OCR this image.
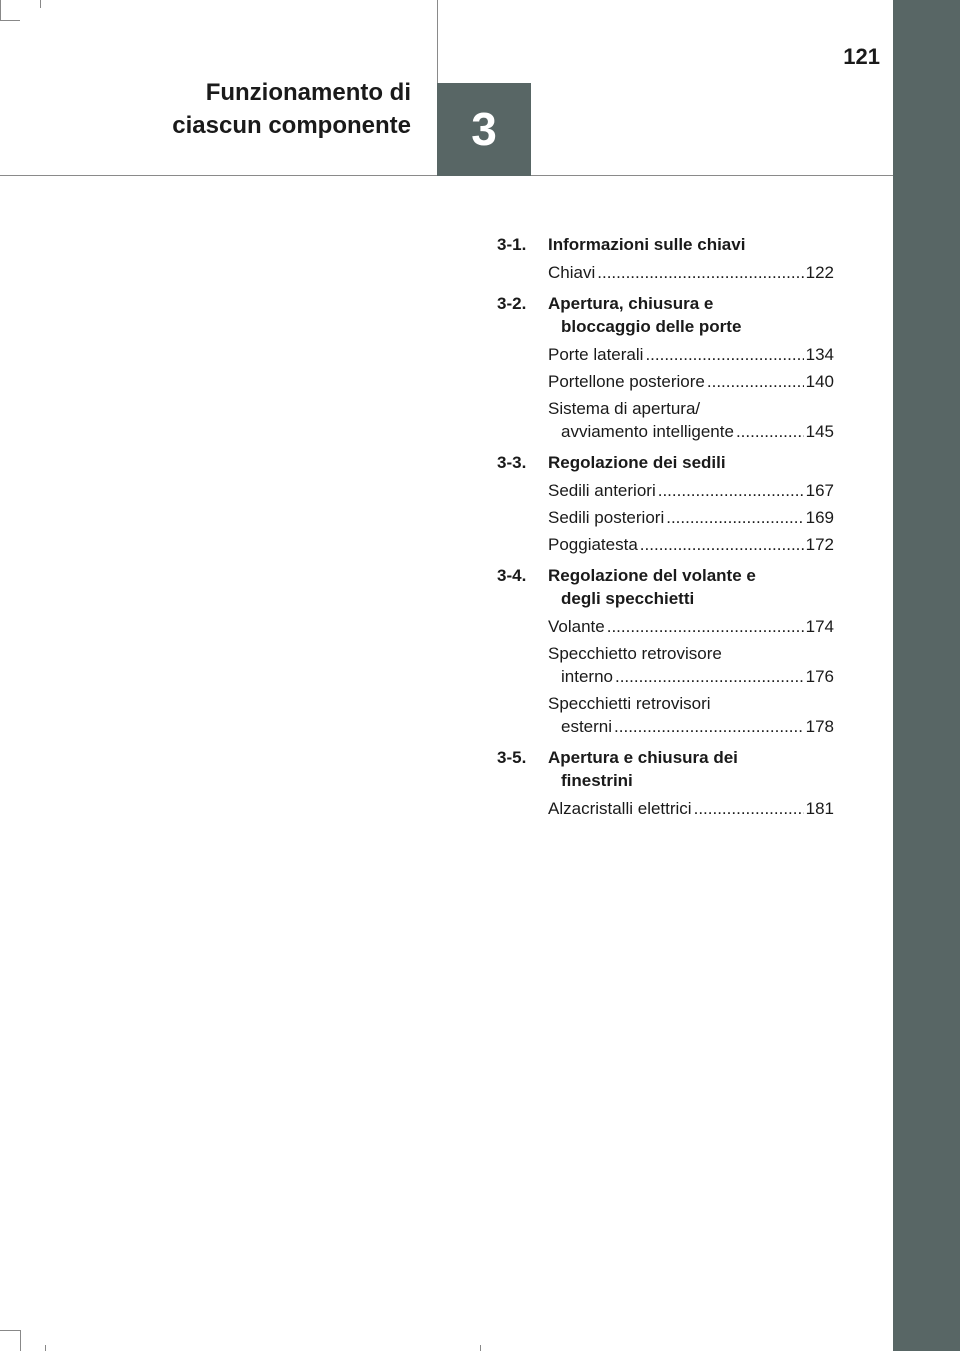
3
121
Funzionamento di
ciascun componente
3-1.	Informazioni sulle chiavi
Chiavi .....	122
3-2.	Apertura, chiusura e
bloccaggio delle porte
Porte laterali .....	134
Portellone posteriore .....	140
Sistema di apertura/
avviamento intelligente .....	145
3-3.	Regolazione dei sedili
Sedili anteriori .....	167
Sedili posteriori .....	169
Poggiatesta .....	172
3-4.	Regolazione del volante e
degli specchietti
Volante .....	174
Specchietto retrovisore
interno .....	176
Specchietti retrovisori
esterni .....	178
3-5.	Apertura e chiusura dei
finestrini
Alzacristalli elettrici .....	181
